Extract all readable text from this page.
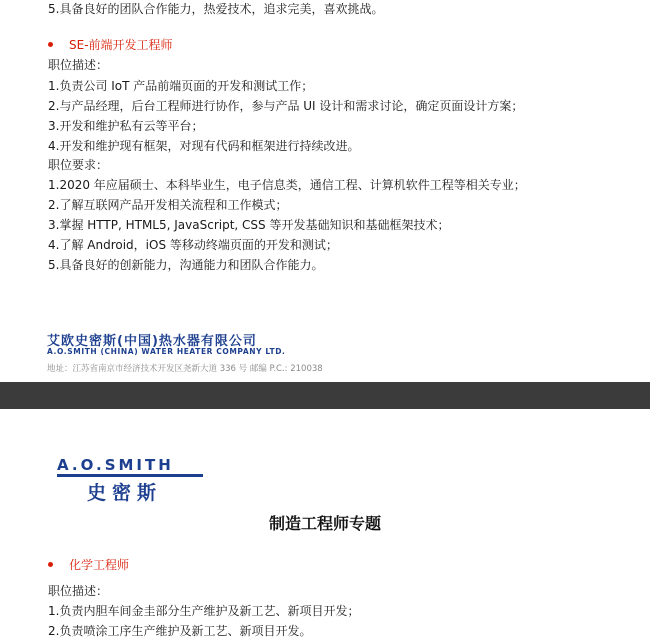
5.具备良好的团队合作能力，热爱技术，追求完美，喜欢挑战。
SE-前端开发工程师
职位描述：
1.负责公司 IoT 产品前端页面的开发和测试工作；
2.与产品经理，后台工程师进行协作，参与产品 UI 设计和需求讨论，确定页面设计方案；
3.开发和维护私有云等平台；
4.开发和维护现有框架，对现有代码和框架进行持续改进。
职位要求：
1.2020 年应届硕士、本科毕业生，电子信息类，通信工程、计算机软件工程等相关专业；
2.了解互联网产品开发相关流程和工作模式；
3.掌握 HTTP, HTML5, JavaScript, CSS 等开发基础知识和基础框架技术；
4.了解 Android，iOS 等移动终端页面的开发和测试；
5.具备良好的创新能力，沟通能力和团队合作能力。
艾欧史密斯(中国)热水器有限公司
A.O.SMITH (CHINA) WATER HEATER COMPANY LTD.
地址：江苏省南京市经济技术开发区尧新大道 336 号 邮编 P.C.: 210038
A.O.SMITH
史密斯
制造工程师专题
化学工程师
职位描述：
1.负责内胆车间金圭部分生产维护及新工艺、新项目开发；
2.负责喷涂工序生产维护及新工艺、新项目开发。
